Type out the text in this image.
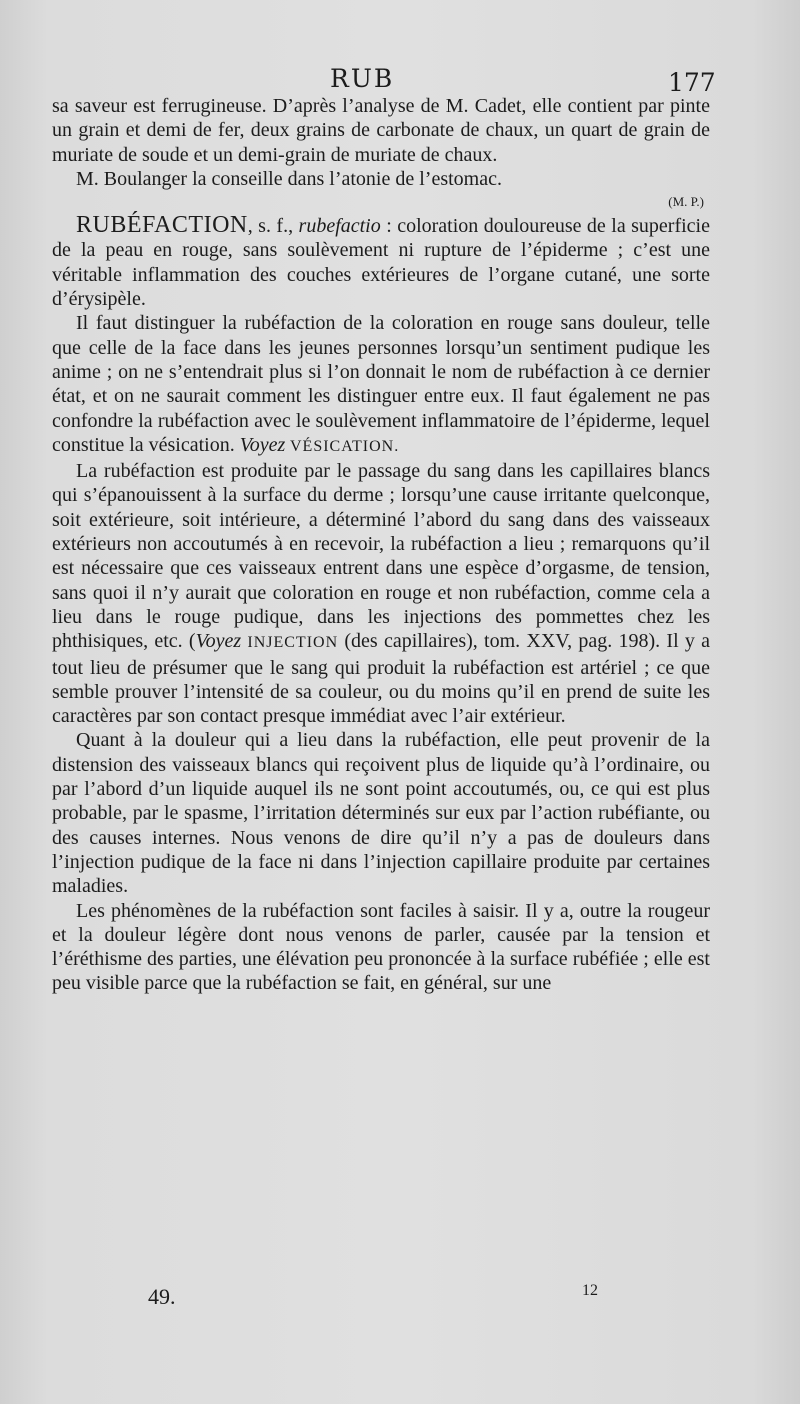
RUB	177

sa saveur est ferrugineuse. D’après l’analyse de M. Cadet, elle contient par pinte un grain et demi de fer, deux grains de carbonate de chaux, un quart de grain de muriate de soude et un demi-grain de muriate de chaux.

M. Boulanger la conseille dans l’atonie de l’estomac.

(M. P.)

RUBÉFACTION, s. f., rubefactio : coloration douloureuse de la superficie de la peau en rouge, sans soulèvement ni rupture de l’épiderme ; c’est une véritable inflammation des couches extérieures de l’organe cutané, une sorte d’érysipèle.

Il faut distinguer la rubéfaction de la coloration en rouge sans douleur, telle que celle de la face dans les jeunes personnes lorsqu’un sentiment pudique les anime ; on ne s’entendrait plus si l’on donnait le nom de rubéfaction à ce dernier état, et on ne saurait comment les distinguer entre eux. Il faut également ne pas confondre la rubéfaction avec le soulèvement inflammatoire de l’épiderme, lequel constitue la vésication. Voyez VÉSICATION.

La rubéfaction est produite par le passage du sang dans les capillaires blancs qui s’épanouissent à la surface du derme ; lorsqu’une cause irritante quelconque, soit extérieure, soit intérieure, a déterminé l’abord du sang dans des vaisseaux extérieurs non accoutumés à en recevoir, la rubéfaction a lieu ; remarquons qu’il est nécessaire que ces vaisseaux entrent dans une espèce d’orgasme, de tension, sans quoi il n’y aurait que coloration en rouge et non rubéfaction, comme cela a lieu dans le rouge pudique, dans les injections des pommettes chez les phthisiques, etc. (Voyez INJECTION (des capillaires), tom. XXV, pag. 198). Il y a tout lieu de présumer que le sang qui produit la rubéfaction est artériel ; ce que semble prouver l’intensité de sa couleur, ou du moins qu’il en prend de suite les caractères par son contact presque immédiat avec l’air extérieur.

Quant à la douleur qui a lieu dans la rubéfaction, elle peut provenir de la distension des vaisseaux blancs qui reçoivent plus de liquide qu’à l’ordinaire, ou par l’abord d’un liquide auquel ils ne sont point accoutumés, ou, ce qui est plus probable, par le spasme, l’irritation déterminés sur eux par l’action rubéfiante, ou des causes internes. Nous venons de dire qu’il n’y a pas de douleurs dans l’injection pudique de la face ni dans l’injection capillaire produite par certaines maladies.

Les phénomènes de la rubéfaction sont faciles à saisir. Il y a, outre la rougeur et la douleur légère dont nous venons de parler, causée par la tension et l’éréthisme des parties, une élévation peu prononcée à la surface rubéfiée ; elle est peu visible parce que la rubéfaction se fait, en général, sur une

49.	12
